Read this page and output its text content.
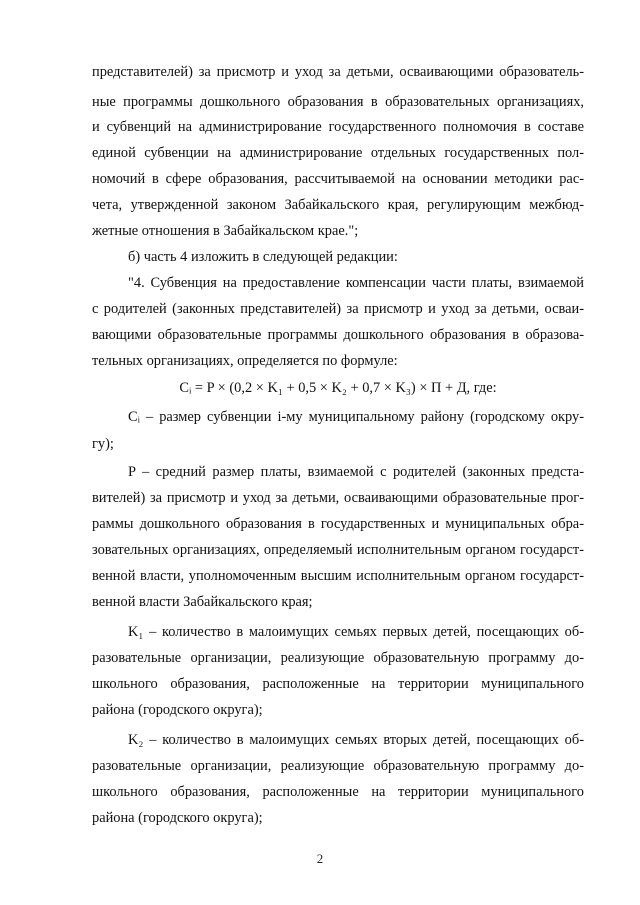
представителей) за присмотр и уход за детьми, осваивающими образователь-
ные программы дошкольного образования в образовательных организациях,
и субвенций на администрирование государственного полномочия в составе
единой субвенции на администрирование отдельных государственных пол-
номочий в сфере образования, рассчитываемой на основании методики рас-
чета, утвержденной законом Забайкальского края, регулирующим межбюд-
жетные отношения в Забайкальском крае.";
б) часть 4 изложить в следующей редакции:
"4. Субвенция на предоставление компенсации части платы, взимаемой
с родителей (законных представителей) за присмотр и уход за детьми, осваи-
вающими образовательные программы дошкольного образования в образова-
тельных организациях, определяется по формуле:
Cᵢ = P × (0,2 × K₁ + 0,5 × K₂ + 0,7 × K₃) × П + Д, где:
Cᵢ – размер субвенции i-му муниципальному району (городскому окру-
гу);
P – средний размер платы, взимаемой с родителей (законных предста-
вителей) за присмотр и уход за детьми, осваивающими образовательные прог-
раммы дошкольного образования в государственных и муниципальных обра-
зовательных организациях, определяемый исполнительным органом государст-
венной власти, уполномоченным высшим исполнительным органом государст-
венной власти Забайкальского края;
K₁ – количество в малоимущих семьях первых детей, посещающих об-
разовательные организации, реализующие образовательную программу до-
школьного образования, расположенные на территории муниципального
района (городского округа);
K₂ – количество в малоимущих семьях вторых детей, посещающих об-
разовательные организации, реализующие образовательную программу до-
школьного образования, расположенные на территории муниципального
района (городского округа);
2
